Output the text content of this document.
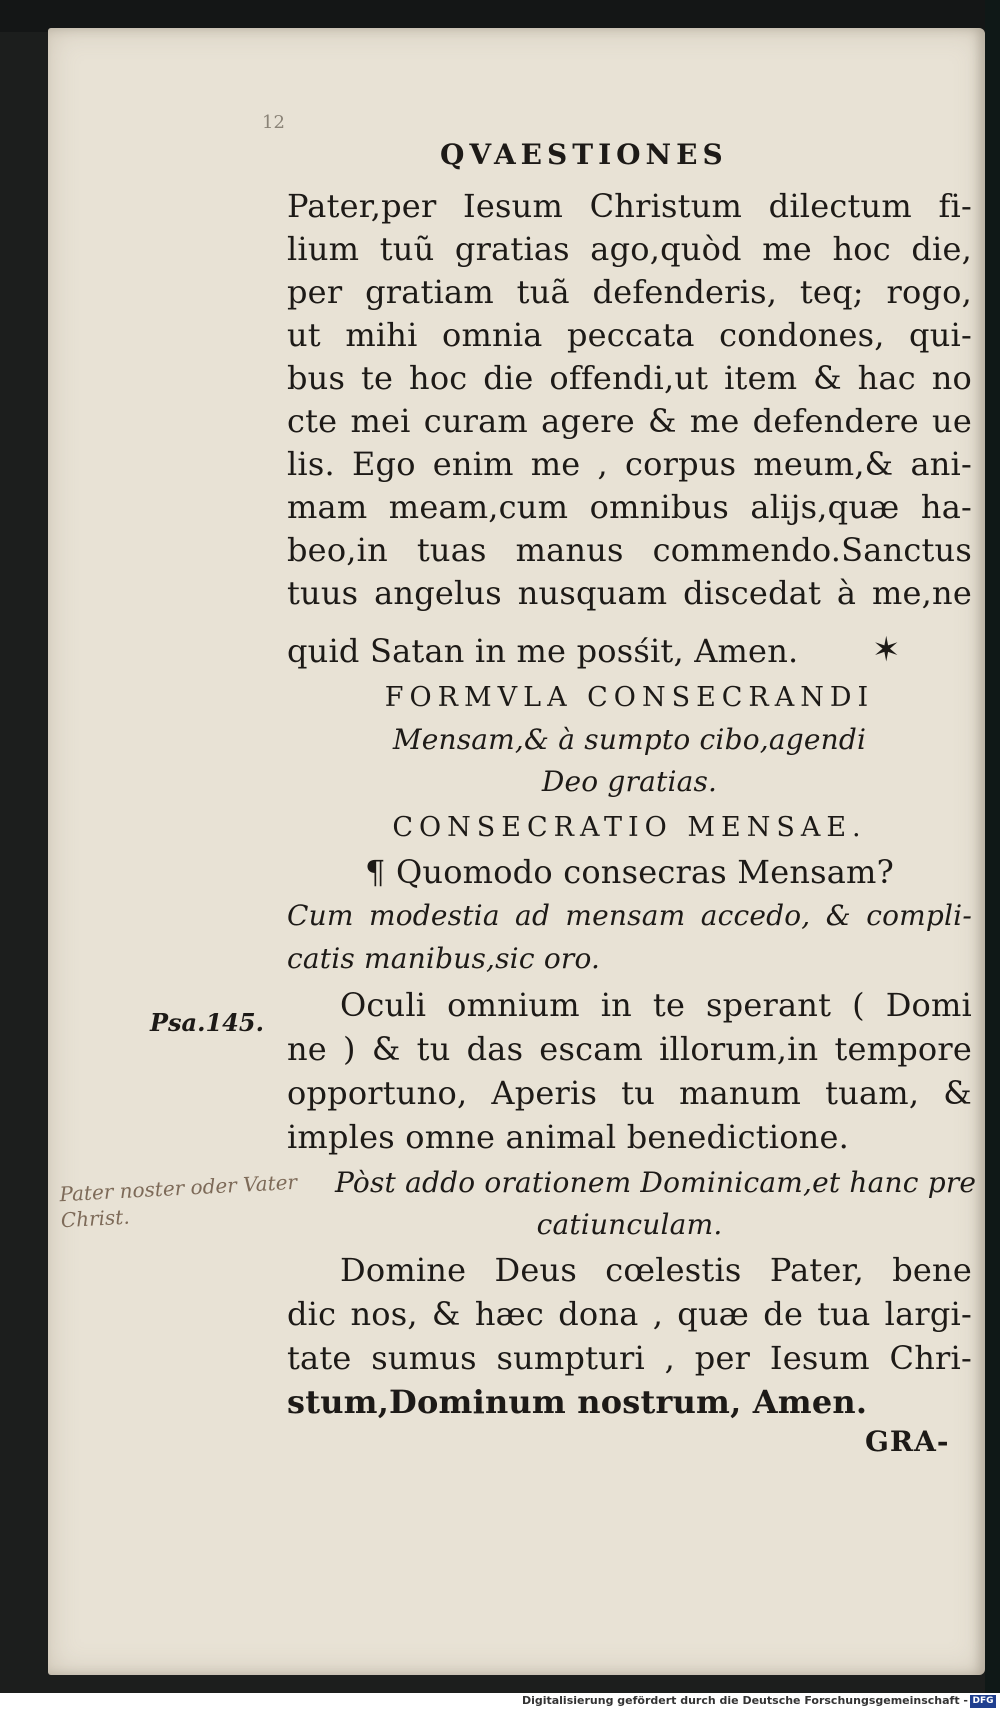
12
QVAESTIONES
Pater,per Iesum Christum dilectum fi-
lium tuũ gratias ago,quòd me hoc die,
per gratiam tuã defenderis, teq; rogo,
ut mihi omnia peccata condones, qui-
bus te hoc die offendi,ut item & hac no
cte mei curam agere & me defendere ue
lis. Ego enim me , corpus meum,& ani-
mam meam,cum omnibus alijs,quæ ha-
beo,in tuas manus commendo.Sanctus
tuus angelus nusquam discedat à me,ne
quid Satan in me posśit, Amen.	✶
FORMVLA CONSECRANDI
Mensam,& à sumpto cibo,agendi
Deo gratias.
CONSECRATIO MENSAE.
¶ Quomodo consecras Mensam?
Cum modestia ad mensam accedo, & compli-
catis manibus,sic oro.
Oculi omnium in te sperant ( Domi
ne ) & tu das escam illorum,in tempore
opportuno, Aperis tu manum tuam, &
imples omne animal benedictione.
Psa.145.
Pater noster oder Vater
Christ.
Pòst addo orationem Dominicam,et hanc pre
catiunculam.
Domine Deus cœlestis Pater, bene
dic nos, & hæc dona , quæ de tua largi-
tate sumus sumpturi , per Iesum Chri-
stum,Dominum nostrum, Amen.
GRA-
Digitalisierung gefördert durch die Deutsche Forschungsgemeinschaft - DFG
